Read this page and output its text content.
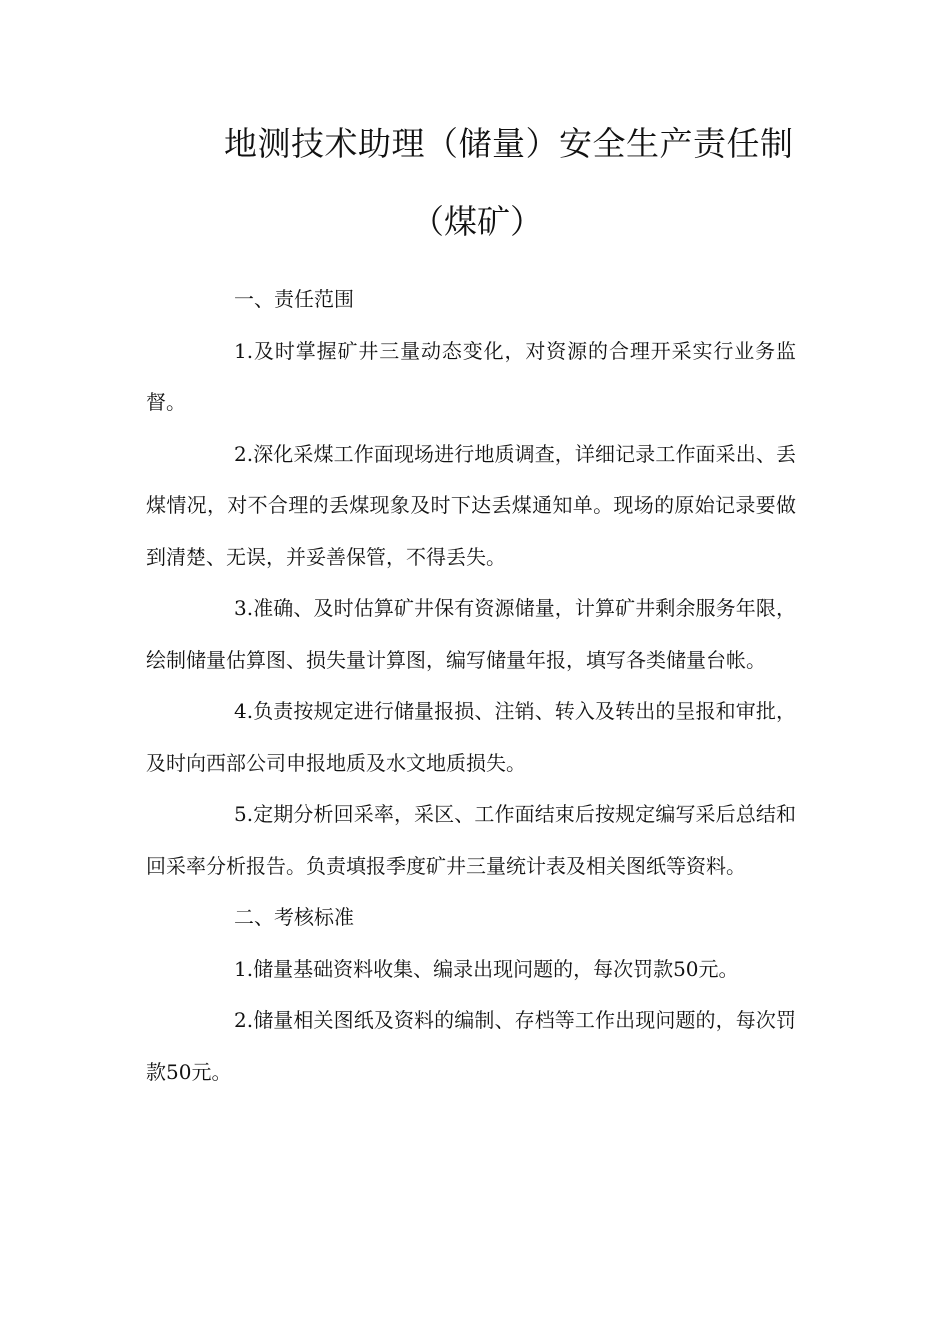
地测技术助理（储量）安全生产责任制
（煤矿）

一、责任范围

1.及时掌握矿井三量动态变化，对资源的合理开采实行业务监督。

2.深化采煤工作面现场进行地质调查，详细记录工作面采出、丢煤情况，对不合理的丢煤现象及时下达丢煤通知单。现场的原始记录要做到清楚、无误，并妥善保管，不得丢失。

3.准确、及时估算矿井保有资源储量，计算矿井剩余服务年限，绘制储量估算图、损失量计算图，编写储量年报，填写各类储量台帐。

4.负责按规定进行储量报损、注销、转入及转出的呈报和审批，及时向西部公司申报地质及水文地质损失。

5.定期分析回采率，采区、工作面结束后按规定编写采后总结和回采率分析报告。负责填报季度矿井三量统计表及相关图纸等资料。

二、考核标准

1.储量基础资料收集、编录出现问题的，每次罚款50元。

2.储量相关图纸及资料的编制、存档等工作出现问题的，每次罚款50元。
